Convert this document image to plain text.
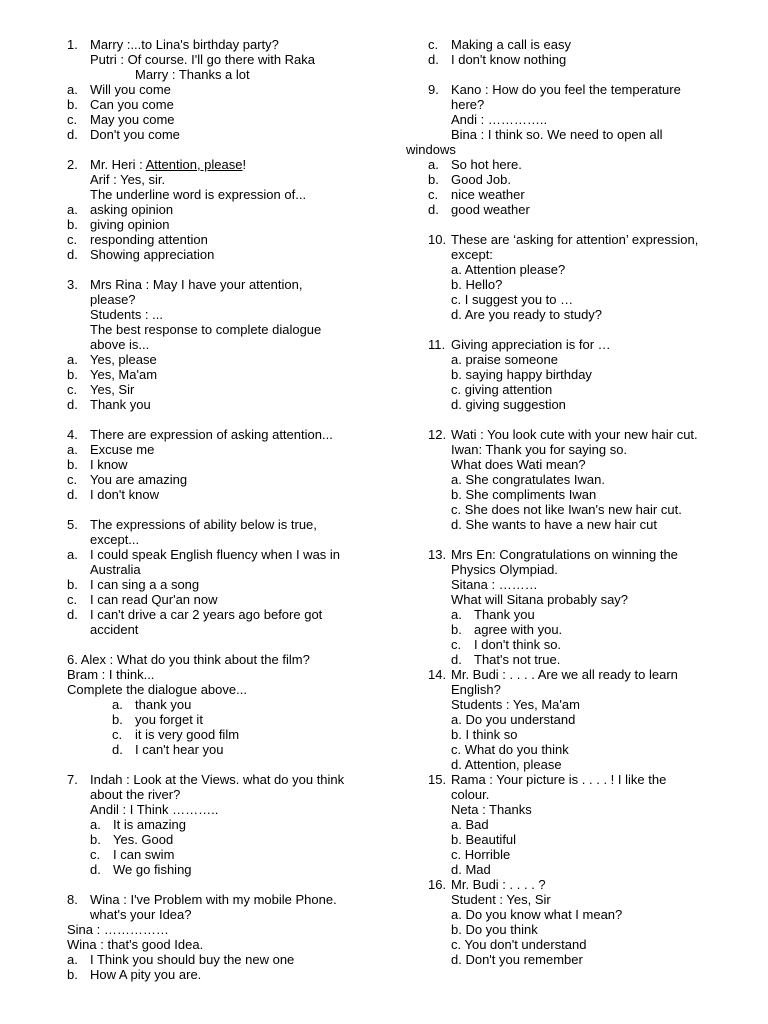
1. Marry :...to Lina's birthday party?
Putri : Of course. I'll go there with Raka
Marry : Thanks a lot
a. Will you come
b. Can you come
c. May you come
d. Don't you come
2. Mr. Heri : Attention, please!
Arif : Yes, sir.
The underline word is expression of...
a. asking opinion
b. giving opinion
c. responding attention
d. Showing appreciation
3. Mrs Rina : May I have your attention,
please?
Students : ...
The best response to complete dialogue
above is...
a. Yes, please
b. Yes, Ma'am
c. Yes, Sir
d. Thank you
4. There are expression of asking attention...
a. Excuse me
b. I know
c. You are amazing
d. I don't know
5. The expressions of ability below is true,
except...
a. I could speak English fluency when I was in
Australia
b. I can sing a a song
c. I can read Qur'an now
d. I can't drive a car 2 years ago before got
accident
6. Alex : What do you think about the film?
Bram : I think...
Complete the dialogue above...
a. thank you
b. you forget it
c. it is very good film
d. I can't hear you
7. Indah : Look at the Views. what do you think
about the river?
Andil : I Think ………..
a. It is amazing
b. Yes. Good
c. I can swim
d. We go fishing
8. Wina : I've Problem with my mobile Phone.
what's your Idea?
Sina : ……………
Wina : that's good Idea.
a. I Think you should buy the new one
b. How A pity you are.
c. Making a call is easy
d. I don't know nothing
9. Kano : How do you feel the temperature
here?
Andi : …………..
Bina : I think so. We need to open all
windows
a. So hot here.
b. Good Job.
c. nice weather
d. good weather
10. These are ‘asking for attention’ expression,
except:
a. Attention please?
b. Hello?
c. I suggest you to …
d. Are you ready to study?
11. Giving appreciation is for …
a. praise someone
b. saying happy birthday
c. giving attention
d. giving suggestion
12. Wati : You look cute with your new hair cut.
Iwan: Thank you for saying so.
What does Wati mean?
a. She congratulates Iwan.
b. She compliments Iwan
c. She does not like Iwan's new hair cut.
d. She wants to have a new hair cut
13. Mrs En: Congratulations on winning the
Physics Olympiad.
Sitana : ………
What will Sitana probably say?
a. Thank you
b. agree with you.
c. I don't think so.
d. That's not true.
14. Mr. Budi : . . . . Are we all ready to learn
English?
Students : Yes, Ma'am
a. Do you understand
b. I think so
c. What do you think
d. Attention, please
15. Rama : Your picture is . . . . ! I like the
colour.
Neta : Thanks
a. Bad
b. Beautiful
c. Horrible
d. Mad
16. Mr. Budi : . . . . ?
Student : Yes, Sir
a. Do you know what I mean?
b. Do you think
c. You don't understand
d. Don't you remember
